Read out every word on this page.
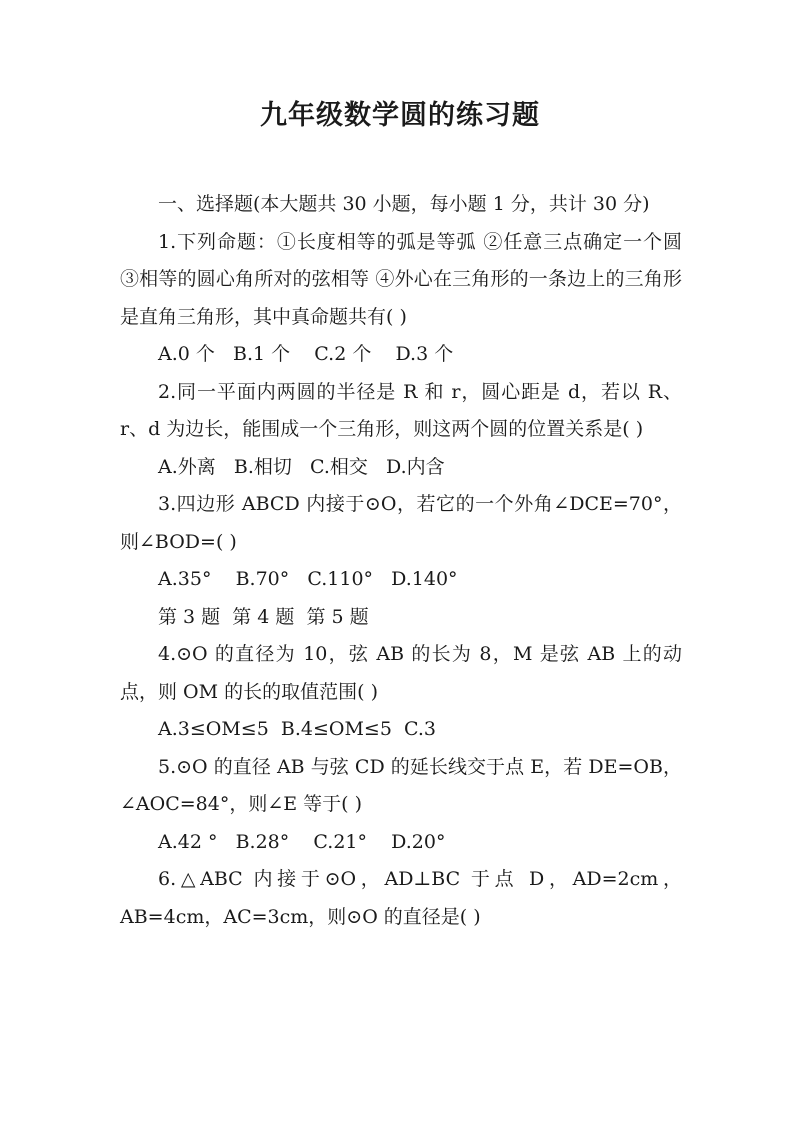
九年级数学圆的练习题

一、选择题(本大题共 30 小题，每小题 1 分，共计 30 分)

1.下列命题：①长度相等的弧是等弧 ②任意三点确定一个圆 ③相等的圆心角所对的弦相等 ④外心在三角形的一条边上的三角形是直角三角形，其中真命题共有( )

A.0 个   B.1 个    C.2 个    D.3 个

2.同一平面内两圆的半径是 R 和 r，圆心距是 d，若以 R、r、d 为边长，能围成一个三角形，则这两个圆的位置关系是( )

A.外离   B.相切   C.相交   D.内含

3.四边形 ABCD 内接于⊙O，若它的一个外角∠DCE=70°，则∠BOD=( )

A.35°    B.70°   C.110°   D.140°

第 3 题  第 4 题  第 5 题

4.⊙O 的直径为 10，弦 AB 的长为 8，M 是弦 AB 上的动点，则 OM 的长的取值范围( )

A.3≤OM≤5  B.4≤OM≤5  C.3

5.⊙O 的直径 AB 与弦 CD 的延长线交于点 E，若 DE=OB，∠AOC=84°，则∠E 等于( )

A.42 °   B.28°    C.21°    D.20°

6.△ABC 内接于⊙O，AD⊥BC 于点 D，AD=2cm，AB=4cm，AC=3cm，则⊙O 的直径是( )
